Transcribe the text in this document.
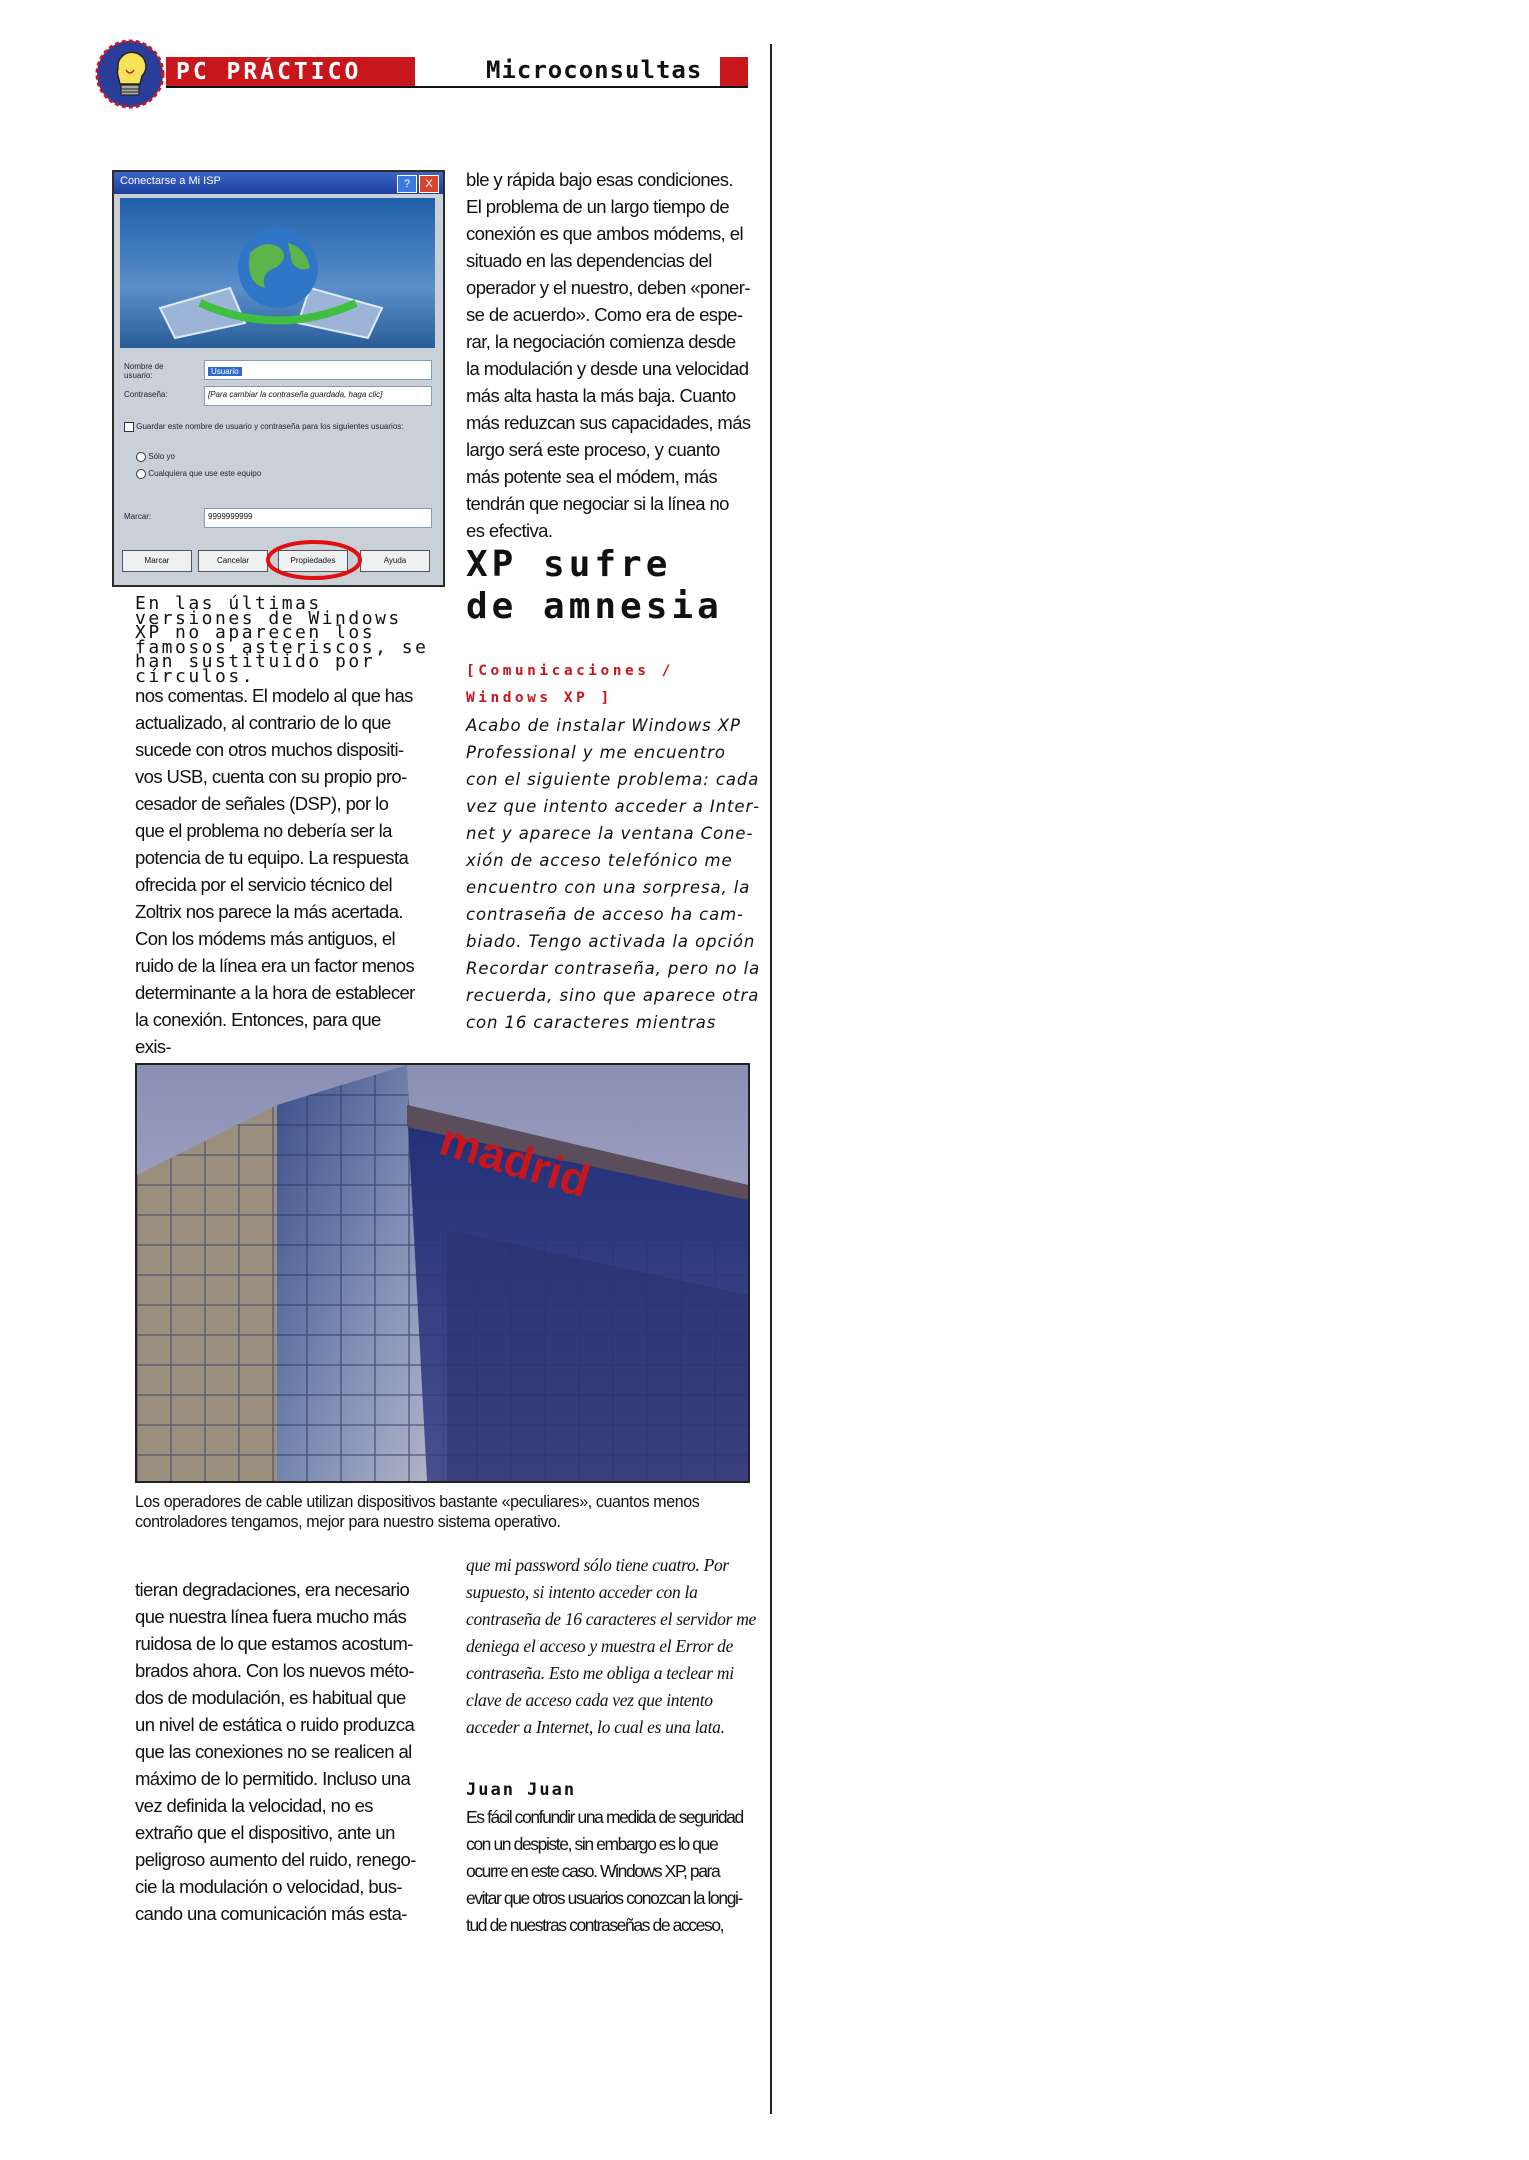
PC PRÁCTICO	Microconsultas
Conectarse a Mi ISP	?	X
Nombre de usuario:	Usuario
Contraseña:	[Para cambiar la contraseña guardada, haga clic]
Guardar este nombre de usuario y contraseña para los siguientes usuarios:
Sólo yo
Cualquiera que use este equipo
Marcar:	9999999999
Marcar	Cancelar	Propiedades	Ayuda
En las últimas versiones de Windows XP no aparecen los famosos asteriscos, se han sustituido por círculos.
nos comentas. El modelo al que has actualizado, al contrario de lo que sucede con otros muchos dispositivos USB, cuenta con su propio procesador de señales (DSP), por lo que el problema no debería ser la potencia de tu equipo. La respuesta ofrecida por el servicio técnico del Zoltrix nos parece la más acertada. Con los módems más antiguos, el ruido de la línea era un factor menos determinante a la hora de establecer la conexión. Entonces, para que exis-
ble y rápida bajo esas condiciones. El problema de un largo tiempo de conexión es que ambos módems, el situado en las dependencias del operador y el nuestro, deben «ponerse de acuerdo». Como era de esperar, la negociación comienza desde la modulación y desde una velocidad más alta hasta la más baja. Cuanto más reduzcan sus capacidades, más largo será este proceso, y cuanto más potente sea el módem, más tendrán que negociar si la línea no es efectiva.
XP sufre
de amnesia
[Comunicaciones / Windows XP ]
Acabo de instalar Windows XP Professional y me encuentro con el siguiente problema: cada vez que intento acceder a Internet y aparece la ventana Conexión de acceso telefónico me encuentro con una sorpresa, la contraseña de acceso ha cambiado. Tengo activada la opción Recordar contraseña, pero no la recuerda, sino que aparece otra con 16 caracteres mientras
madrid
Los operadores de cable utilizan dispositivos bastante «peculiares», cuantos menos controladores tengamos, mejor para nuestro sistema operativo.
tieran degradaciones, era necesario que nuestra línea fuera mucho más ruidosa de lo que estamos acostumbrados ahora. Con los nuevos métodos de modulación, es habitual que un nivel de estática o ruido produzca que las conexiones no se realicen al máximo de lo permitido. Incluso una vez definida la velocidad, no es extraño que el dispositivo, ante un peligroso aumento del ruido, renegocie la modulación o velocidad, buscando una comunicación más esta-
que mi password sólo tiene cuatro. Por supuesto, si intento acceder con la contraseña de 16 caracteres el servidor me deniega el acceso y muestra el Error de contraseña. Esto me obliga a teclear mi clave de acceso cada vez que intento acceder a Internet, lo cual es una lata.
Juan Juan
Es fácil confundir una medida de seguridad con un despiste, sin embargo es lo que ocurre en este caso. Windows XP, para evitar que otros usuarios conozcan la longitud de nuestras contraseñas de acceso,
